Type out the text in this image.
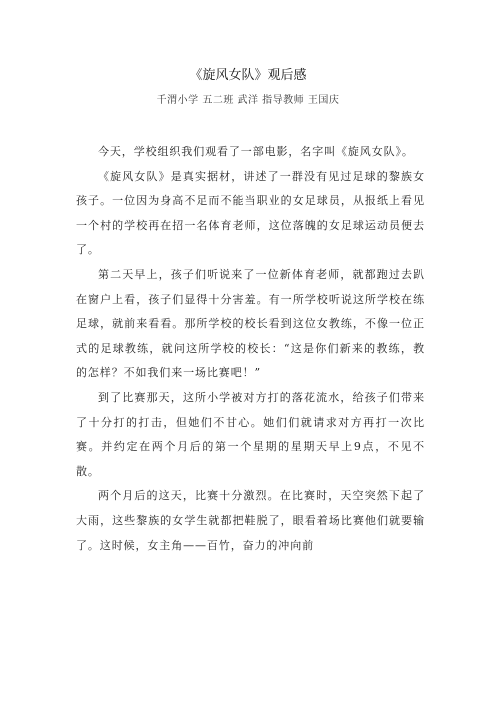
《旋风女队》观后感
千渭小学 五二班 武洋 指导教师 王国庆

今天，学校组织我们观看了一部电影，名字叫《旋风女队》。

《旋风女队》是真实据材，讲述了一群没有见过足球的黎族女孩子。一位因为身高不足而不能当职业的女足球员，从报纸上看见一个村的学校再在招一名体育老师，这位落魄的女足球运动员便去了。

第二天早上，孩子们听说来了一位新体育老师，就都跑过去趴在窗户上看，孩子们显得十分害羞。有一所学校听说这所学校在练足球，就前来看看。那所学校的校长看到这位女教练，不像一位正式的足球教练，就问这所学校的校长：“这是你们新来的教练，教的怎样？不如我们来一场比赛吧！”

到了比赛那天，这所小学被对方打的落花流水，给孩子们带来了十分打的打击，但她们不甘心。她们们就请求对方再打一次比赛。并约定在两个月后的第一个星期的星期天早上9点，不见不散。

两个月后的这天，比赛十分激烈。在比赛时，天空突然下起了大雨，这些黎族的女学生就都把鞋脱了，眼看着场比赛他们就要输了。这时候，女主角——百竹，奋力的冲向前
